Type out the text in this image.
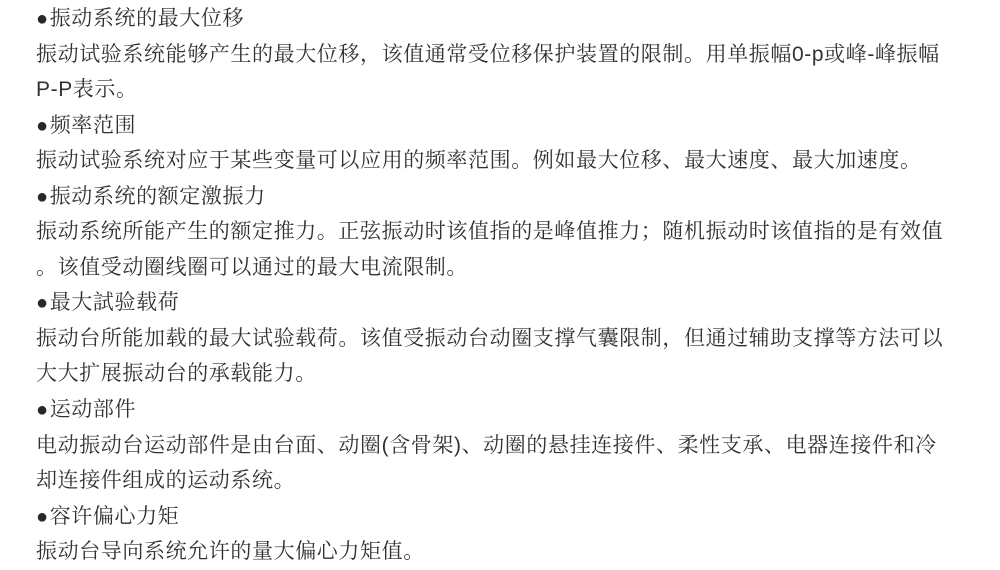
●振动系统的最大位移
振动试验系统能够产生的最大位移，该值通常受位移保护装置的限制。用单振幅0-p或峰-峰振幅
P-P表示。
●频率范围
振动试验系统对应于某些变量可以应用的频率范围。例如最大位移、最大速度、最大加速度。
●振动系统的额定激振力
振动系统所能产生的额定推力。正弦振动时该值指的是峰值推力；随机振动时该值指的是有效值
。该值受动圈线圈可以通过的最大电流限制。
●最大試验载荷
振动台所能加载的最大试验载荷。该值受振动台动圈支撑气囊限制，但通过辅助支撑等方法可以
大大扩展振动台的承载能力。
●运动部件
电动振动台运动部件是由台面、动圈(含骨架)、动圈的悬挂连接件、柔性支承、电器连接件和冷
却连接件组成的运动系统。
●容许偏心力矩
振动台导向系统允许的量大偏心力矩值。
